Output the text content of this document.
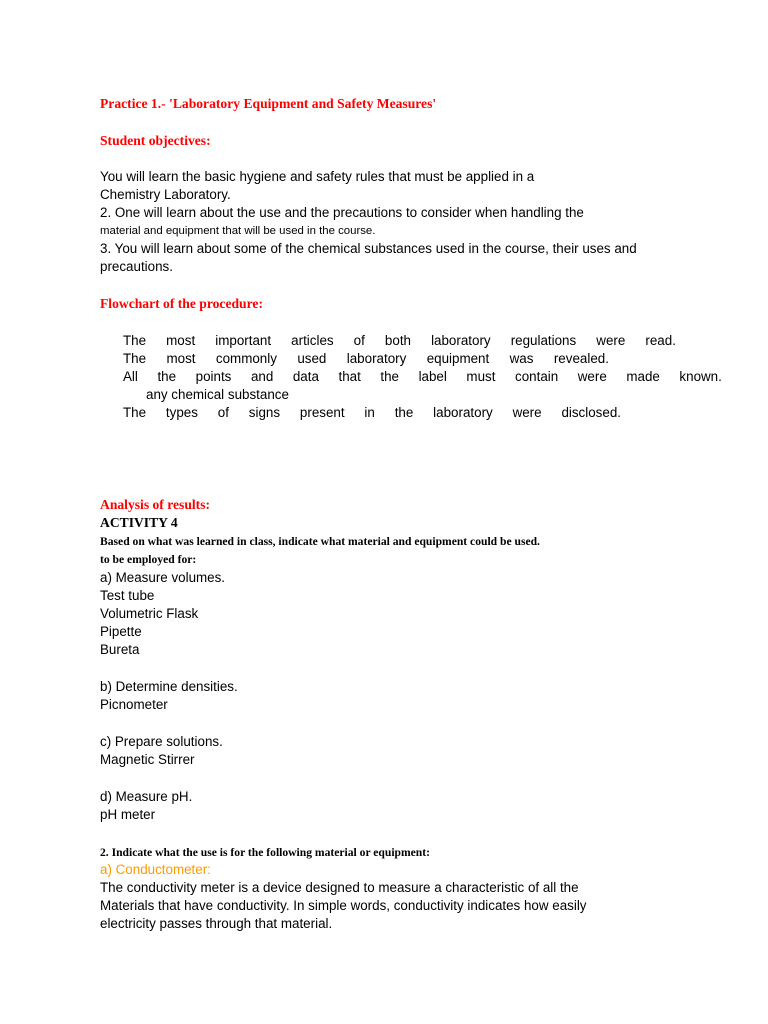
Practice 1.- 'Laboratory Equipment and Safety Measures'
Student objectives:
You will learn the basic hygiene and safety rules that must be applied in a
Chemistry Laboratory.
2. One will learn about the use and the precautions to consider when handling the
material and equipment that will be used in the course.
3. You will learn about some of the chemical substances used in the course, their uses and
precautions.
Flowchart of the procedure:
The most important articles of both laboratory regulations were read.
The most commonly used laboratory equipment was revealed.
All the points and data that the label must contain were made known.
any chemical substance
The types of signs present in the laboratory were disclosed.
Analysis of results:
ACTIVITY 4
Based on what was learned in class, indicate what material and equipment could be used.
to be employed for:
a) Measure volumes.
Test tube
Volumetric Flask
Pipette
Bureta
b) Determine densities.
Picnometer
c) Prepare solutions.
Magnetic Stirrer
d) Measure pH.
pH meter
2. Indicate what the use is for the following material or equipment:
a) Conductometer:
The conductivity meter is a device designed to measure a characteristic of all the
Materials that have conductivity. In simple words, conductivity indicates how easily
electricity passes through that material.
